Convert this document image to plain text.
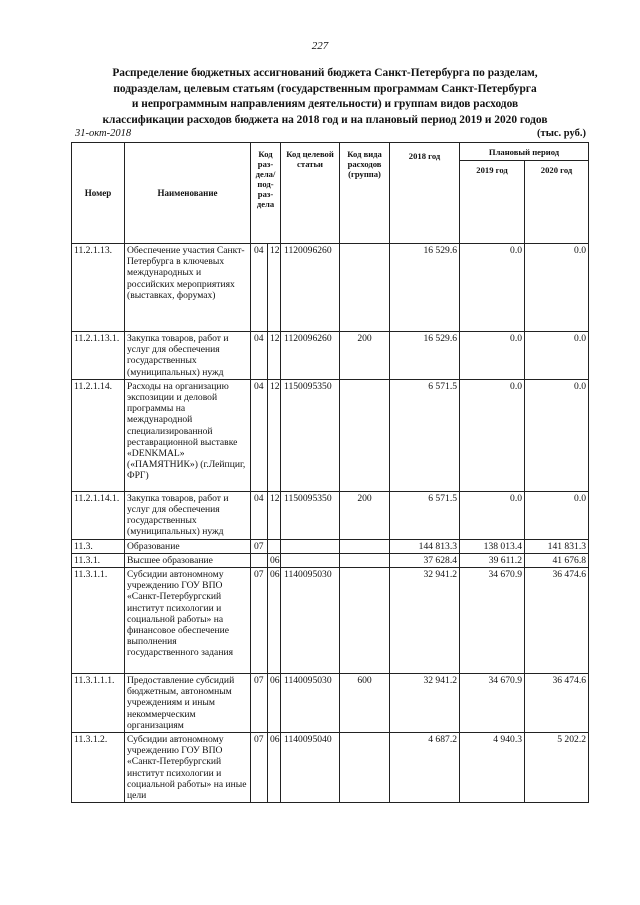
227
Распределение бюджетных ассигнований бюджета Санкт-Петербурга по разделам,
подразделам, целевым статьям (государственным программам Санкт-Петербурга
и непрограммным направлениям деятельности) и группам видов расходов
классификации расходов бюджета на 2018 год и на плановый период 2019 и 2020 годов
31-окт-2018	(тыс. руб.)
Номер	Наименование	Код раз-дела/под-раз-дела		Код целевой статьи	Код вида расходов (группа)	2018 год	Плановый период	
							2019 год	2020 год
11.2.1.13.	Обеспечение участия Санкт-Петербурга в ключевых международных и российских мероприятиях (выставках, форумах)	04	12	1120096260		16 529.6	0.0	0.0
11.2.1.13.1.	Закупка товаров, работ и услуг для обеспечения государственных (муниципальных) нужд	04	12	1120096260	200	16 529.6	0.0	0.0
11.2.1.14.	Расходы на организацию экспозиции и деловой программы на международной специализированной реставрационной выставке «DENKMAL» («ПАМЯТНИК») (г.Лейпциг, ФРГ)	04	12	1150095350		6 571.5	0.0	0.0
11.2.1.14.1.	Закупка товаров, работ и услуг для обеспечения государственных (муниципальных) нужд	04	12	1150095350	200	6 571.5	0.0	0.0
11.3.	Образование	07				144 813.3	138 013.4	141 831.3
11.3.1.	Высшее образование		06			37 628.4	39 611.2	41 676.8
11.3.1.1.	Субсидии автономному учреждению ГОУ ВПО «Санкт-Петербургский институт психологии и социальной работы» на финансовое обеспечение выполнения государственного задания	07	06	1140095030		32 941.2	34 670.9	36 474.6
11.3.1.1.1.	Предоставление субсидий бюджетным, автономным учреждениям и иным некоммерческим организациям	07	06	1140095030	600	32 941.2	34 670.9	36 474.6
11.3.1.2.	Субсидии автономному учреждению ГОУ ВПО «Санкт-Петербургский институт психологии и социальной работы» на иные цели	07	06	1140095040		4 687.2	4 940.3	5 202.2
